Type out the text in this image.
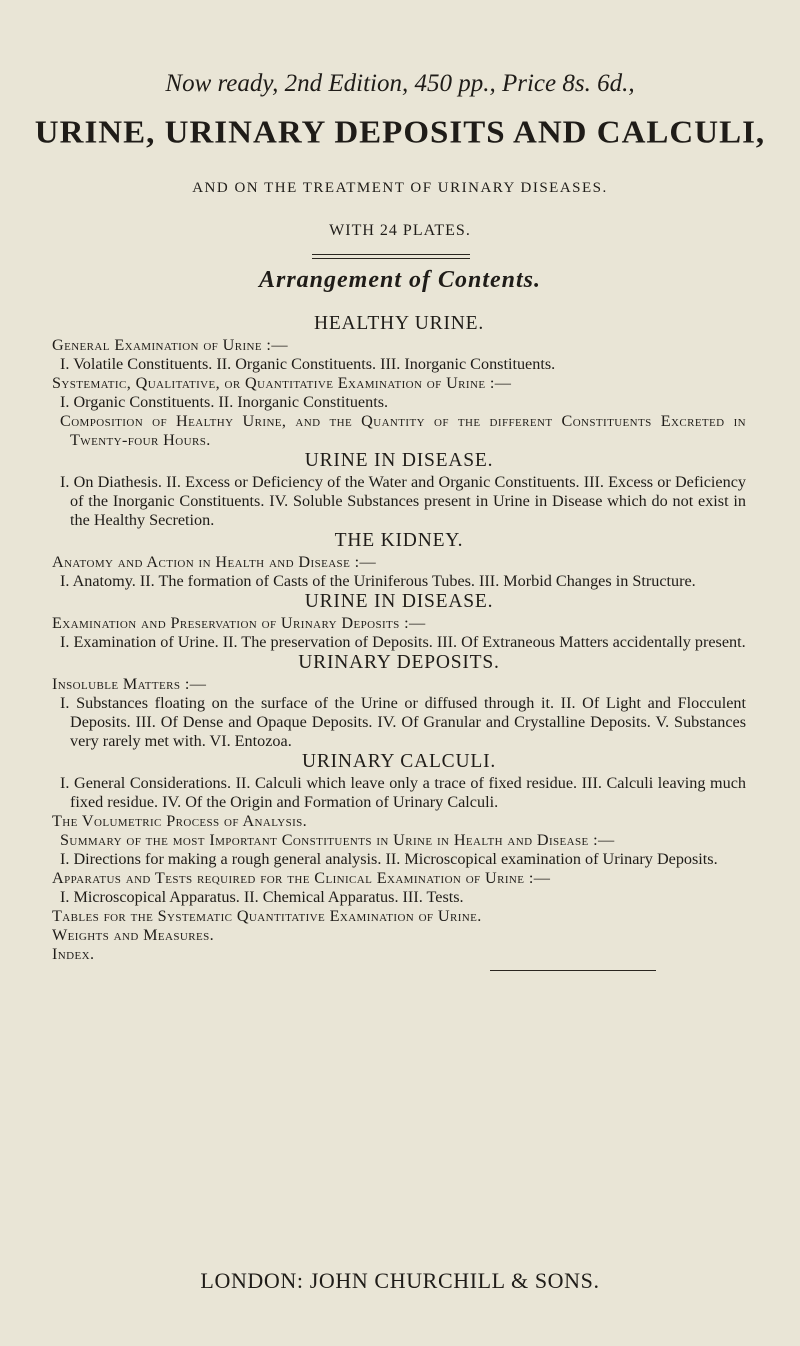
Now ready, 2nd Edition, 450 pp., Price 8s. 6d.,
URINE, URINARY DEPOSITS AND CALCULI,
AND ON THE TREATMENT OF URINARY DISEASES.
WITH 24 PLATES.
Arrangement of Contents.
HEALTHY URINE.
General Examination of Urine :—
I. Volatile Constituents. II. Organic Constituents. III. Inorganic Constituents.
Systematic, Qualitative, or Quantitative Examination of Urine :—
I. Organic Constituents. II. Inorganic Constituents.
Composition of Healthy Urine, and the Quantity of the different Constituents Excreted in Twenty-four Hours.
URINE IN DISEASE.
I. On Diathesis. II. Excess or Deficiency of the Water and Organic Constituents. III. Excess or Deficiency of the Inorganic Constituents. IV. Soluble Substances present in Urine in Disease which do not exist in the Healthy Secretion.
THE KIDNEY.
Anatomy and Action in Health and Disease :—
I. Anatomy. II. The formation of Casts of the Uriniferous Tubes. III. Morbid Changes in Structure.
URINE IN DISEASE.
Examination and Preservation of Urinary Deposits :—
I. Examination of Urine. II. The preservation of Deposits. III. Of Extraneous Matters accidentally present.
URINARY DEPOSITS.
Insoluble Matters :—
I. Substances floating on the surface of the Urine or diffused through it. II. Of Light and Flocculent Deposits. III. Of Dense and Opaque Deposits. IV. Of Granular and Crystalline Deposits. V. Substances very rarely met with. VI. Entozoa.
URINARY CALCULI.
I. General Considerations. II. Calculi which leave only a trace of fixed residue. III. Calculi leaving much fixed residue. IV. Of the Origin and Formation of Urinary Calculi.
The Volumetric Process of Analysis.
Summary of the most Important Constituents in Urine in Health and Disease :—
I. Directions for making a rough general analysis. II. Microscopical examination of Urinary Deposits.
Apparatus and Tests required for the Clinical Examination of Urine :—
I. Microscopical Apparatus. II. Chemical Apparatus. III. Tests.
Tables for the Systematic Quantitative Examination of Urine.
Weights and Measures.
Index.
LONDON: JOHN CHURCHILL & SONS.
